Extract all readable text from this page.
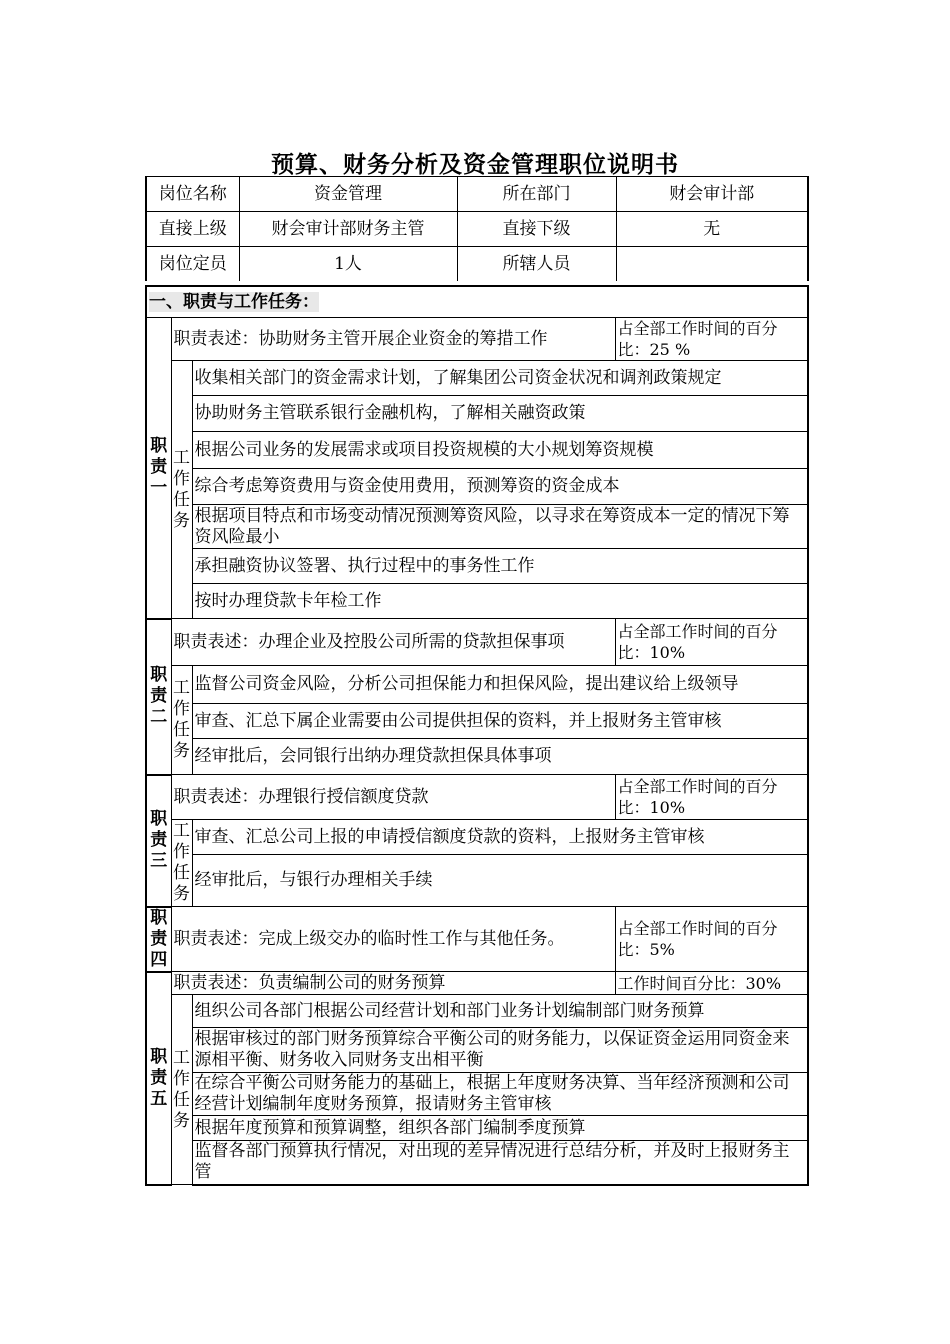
预算、财务分析及资金管理职位说明书
岗位名称	资金管理	所在部门	财会审计部
直接上级	财会审计部财务主管	直接下级	无
岗位定员	1人	所辖人员	
一、职责与工作任务：			

职责一	职责表述：协助财务主管开展企业资金的筹措工作		占全部工作时间的百分比：25 %

	工作任务	收集相关部门的资金需求计划，了解集团公司资金状况和调剂政策规定	
		协助财务主管联系银行金融机构，了解相关融资政策	
		根据公司业务的发展需求或项目投资规模的大小规划筹资规模	
		综合考虑筹资费用与资金使用费用，预测筹资的资金成本	
		根据项目特点和市场变动情况预测筹资风险，以寻求在筹资成本一定的情况下筹资风险最小	
		承担融资协议签署、执行过程中的事务性工作	
		按时办理贷款卡年检工作	

职责二	职责表述：办理企业及控股公司所需的贷款担保事项		占全部工作时间的百分比：10%

	工作任务	监督公司资金风险，分析公司担保能力和担保风险，提出建议给上级领导	
		审查、汇总下属企业需要由公司提供担保的资料，并上报财务主管审核	
		经审批后，会同银行出纳办理贷款担保具体事项	

职责三	职责表述：办理银行授信额度贷款		占全部工作时间的百分比：10%

	工作任务	审查、汇总公司上报的申请授信额度贷款的资料，上报财务主管审核	
		经审批后，与银行办理相关手续	

职责四	职责表述：完成上级交办的临时性工作与其他任务。		占全部工作时间的百分比：5%

职责五	职责表述：负责编制公司的财务预算		工作时间百分比：30%

	工作任务	组织公司各部门根据公司经营计划和部门业务计划编制部门财务预算	
		根据审核过的部门财务预算综合平衡公司的财务能力，以保证资金运用同资金来源相平衡、财务收入同财务支出相平衡	
		在综合平衡公司财务能力的基础上，根据上年度财务决算、当年经济预测和公司经营计划编制年度财务预算，报请财务主管审核	
		根据年度预算和预算调整，组织各部门编制季度预算	
		监督各部门预算执行情况，对出现的差异情况进行总结分析，并及时上报财务主管	
